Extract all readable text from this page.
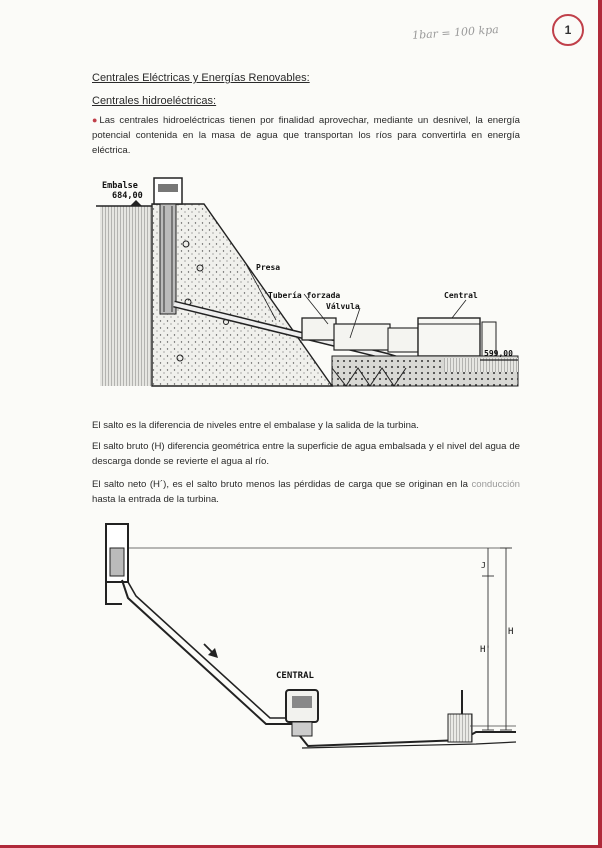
1bar = 100 kpa	1
Centrales Eléctricas y Energías Renovables:
Centrales hidroeléctricas:
●Las centrales hidroeléctricas tienen por finalidad aprovechar, mediante un desnivel, la energía potencial contenida en la masa de agua que transportan los ríos para convertirla en energía eléctrica.
Embalse
684,00
Presa
Tubería forzada
Válvula
Central
599,00
El salto es la diferencia de niveles entre el embalase y la salida de la turbina.
El salto bruto (H) diferencia geométrica entre la superficie de agua embalsada y el nivel del agua de descarga donde se revierte el agua al río.
El salto neto (H´), es el salto bruto menos las pérdidas de carga que se originan en la conducción hasta la entrada de la turbina.
CENTRAL
J
H
H'
